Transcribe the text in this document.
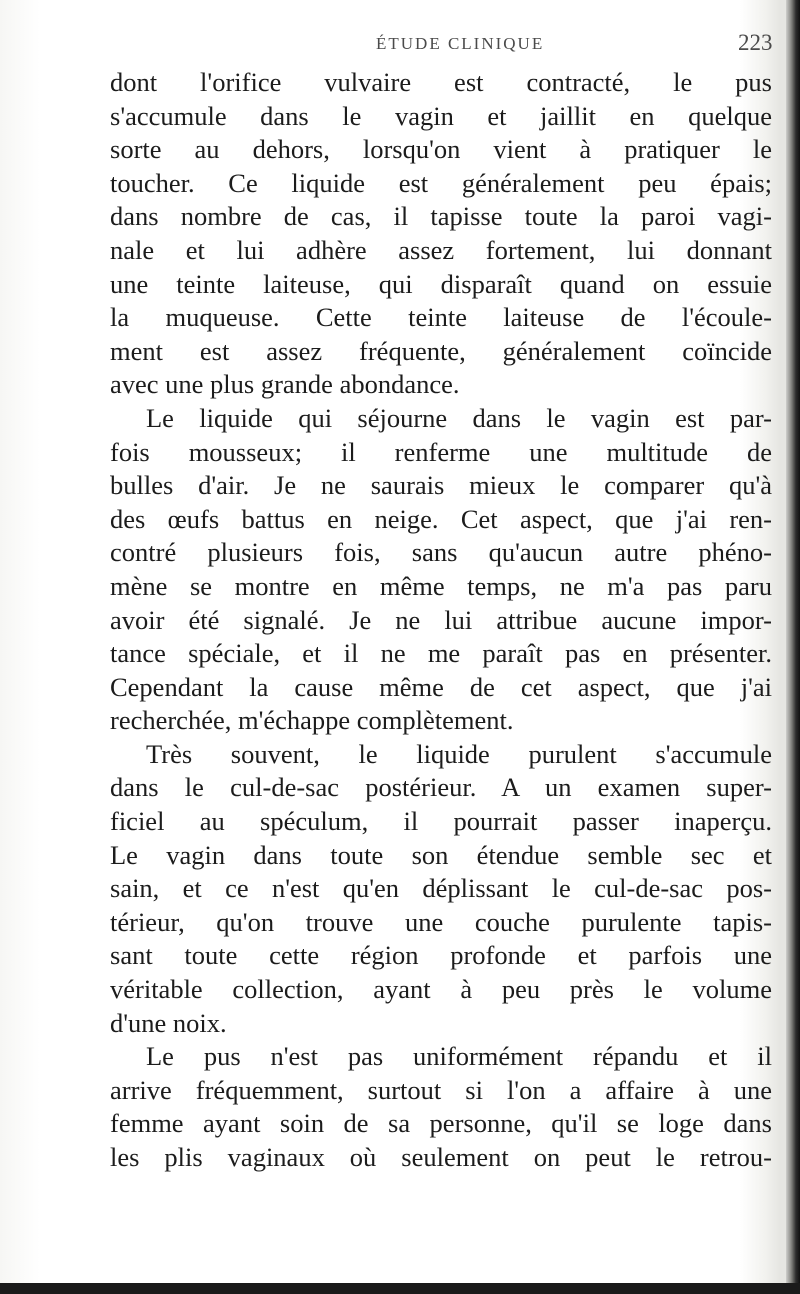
ÉTUDE CLINIQUE	223
dont l'orifice vulvaire est contracté, le pus
s'accumule dans le vagin et jaillit en quelque
sorte au dehors, lorsqu'on vient à pratiquer le
toucher. Ce liquide est généralement peu épais;
dans nombre de cas, il tapisse toute la paroi vagi-
nale et lui adhère assez fortement, lui donnant
une teinte laiteuse, qui disparaît quand on essuie
la muqueuse. Cette teinte laiteuse de l'écoule-
ment est assez fréquente, généralement coïncide
avec une plus grande abondance.
Le liquide qui séjourne dans le vagin est par-
fois mousseux; il renferme une multitude de
bulles d'air. Je ne saurais mieux le comparer qu'à
des œufs battus en neige. Cet aspect, que j'ai ren-
contré plusieurs fois, sans qu'aucun autre phéno-
mène se montre en même temps, ne m'a pas paru
avoir été signalé. Je ne lui attribue aucune impor-
tance spéciale, et il ne me paraît pas en présenter.
Cependant la cause même de cet aspect, que j'ai
recherchée, m'échappe complètement.
Très souvent, le liquide purulent s'accumule
dans le cul-de-sac postérieur. A un examen super-
ficiel au spéculum, il pourrait passer inaperçu.
Le vagin dans toute son étendue semble sec et
sain, et ce n'est qu'en déplissant le cul-de-sac pos-
térieur, qu'on trouve une couche purulente tapis-
sant toute cette région profonde et parfois une
véritable collection, ayant à peu près le volume
d'une noix.
Le pus n'est pas uniformément répandu et il
arrive fréquemment, surtout si l'on a affaire à une
femme ayant soin de sa personne, qu'il se loge dans
les plis vaginaux où seulement on peut le retrou-
